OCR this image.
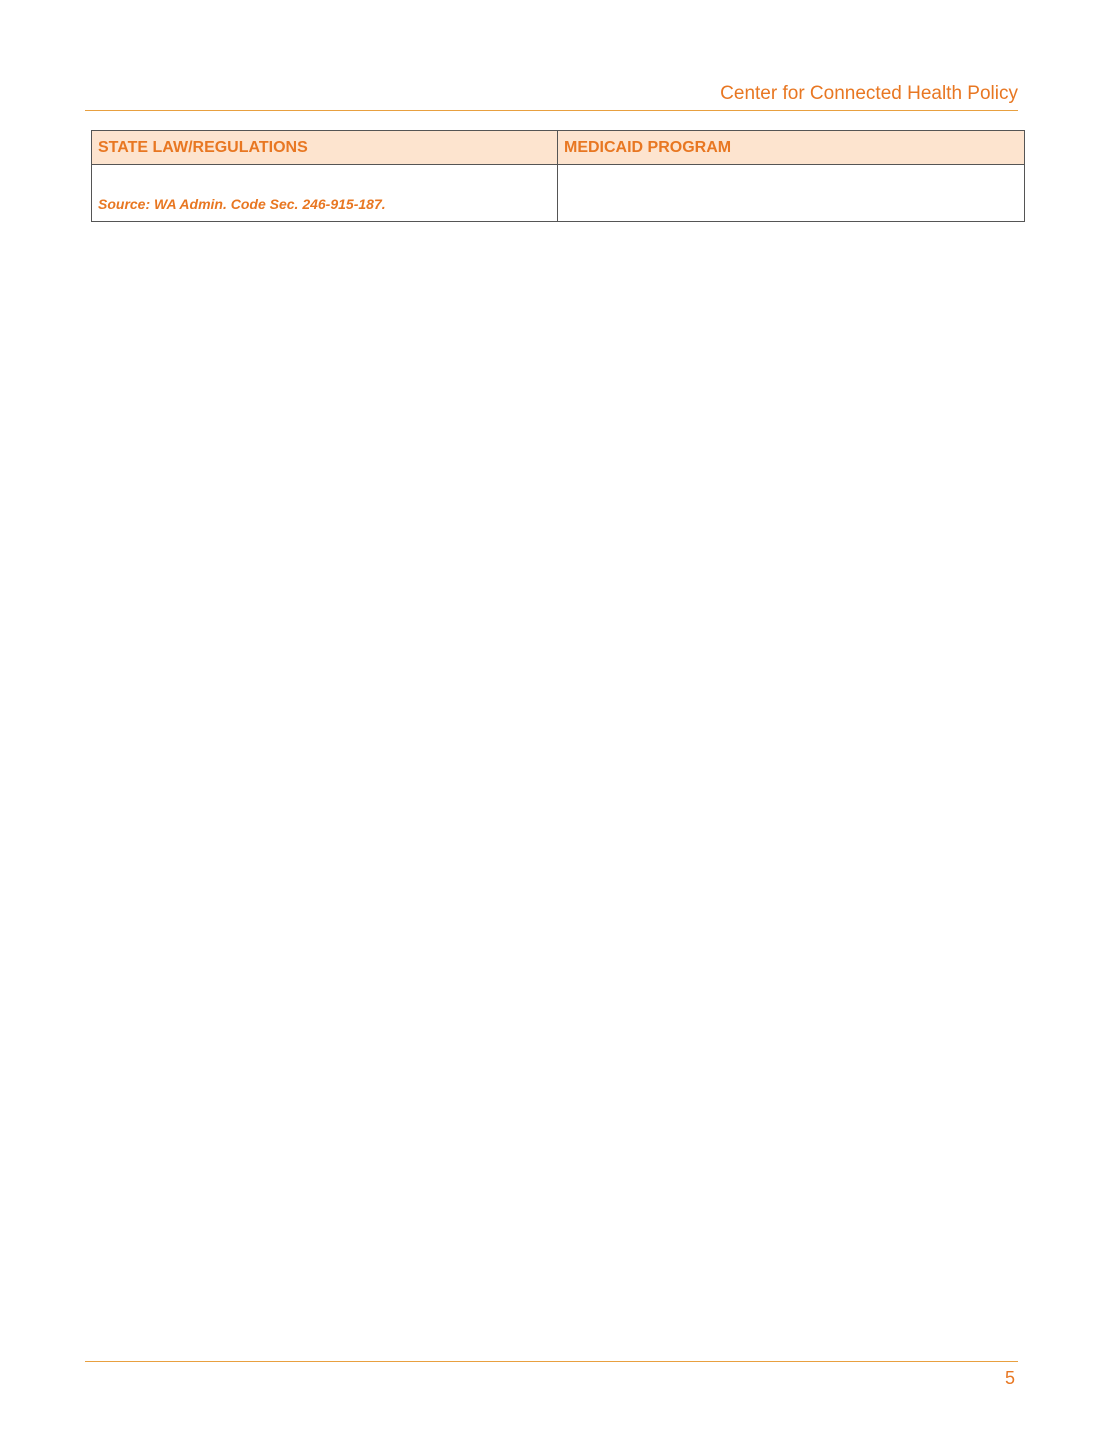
Center for Connected Health Policy
STATE LAW/REGULATIONS	MEDICAID PROGRAM
Source: WA Admin. Code Sec. 246-915-187.	
5
